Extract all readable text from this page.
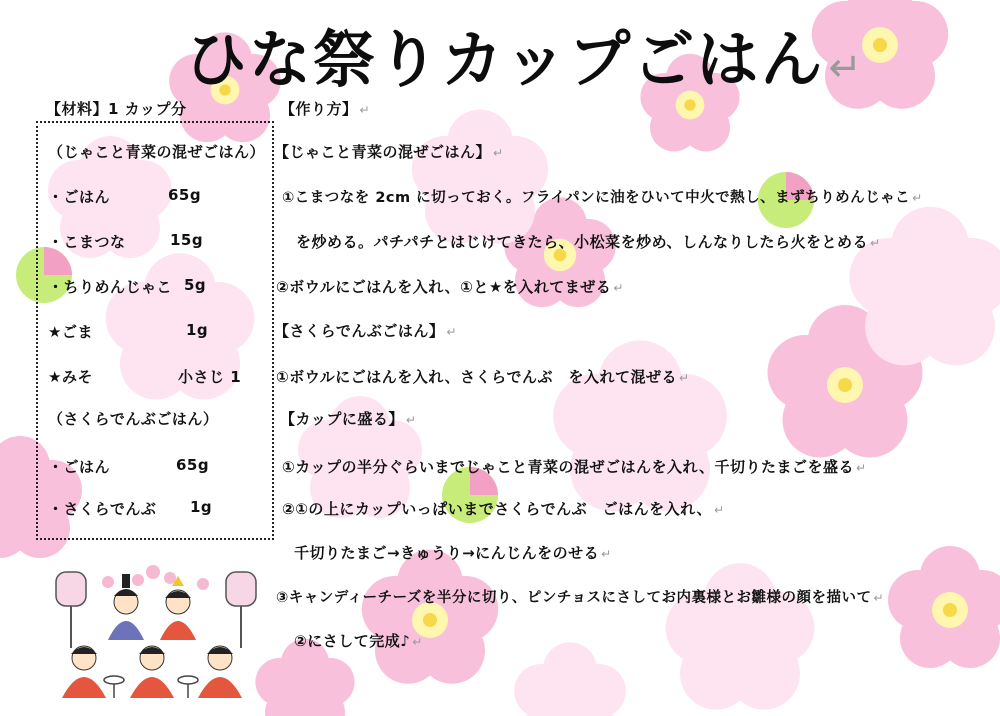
ひな祭りカップごはん ↵
【材料】1 カップ分
（じゃこと青菜の混ぜごはん）
・ごはん	65g
・こまつな	15g
・ちりめんじゃこ 5g
★ごま	1g
★みそ	小さじ 1
（さくらでんぶごはん）
・ごはん	65g
・さくらでんぶ 1g
【作り方】 ↵
【じゃこと青菜の混ぜごはん】 ↵
①こまつなを 2cm に切っておく。フライパンに油をひいて中火で熱し、まずちりめんじゃこ ↵
を炒める。パチパチとはじけてきたら、小松菜を炒め、しんなりしたら火をとめる ↵
②ボウルにごはんを入れ、①と★を入れてまぜる ↵
【さくらでんぶごはん】 ↵
①ボウルにごはんを入れ、さくらでんぶ　を入れて混ぜる ↵
【カップに盛る】 ↵
①カップの半分ぐらいまでじゃこと青菜の混ぜごはんを入れ、千切りたまごを盛る ↵
②①の上にカップいっぱいまでさくらでんぶ　ごはんを入れ、 ↵
千切りたまご→きゅうり→にんじんをのせる ↵
③キャンディーチーズを半分に切り、ピンチョスにさしてお内裏様とお雛様の顔を描いて ↵
②にさして完成♪ ↵
